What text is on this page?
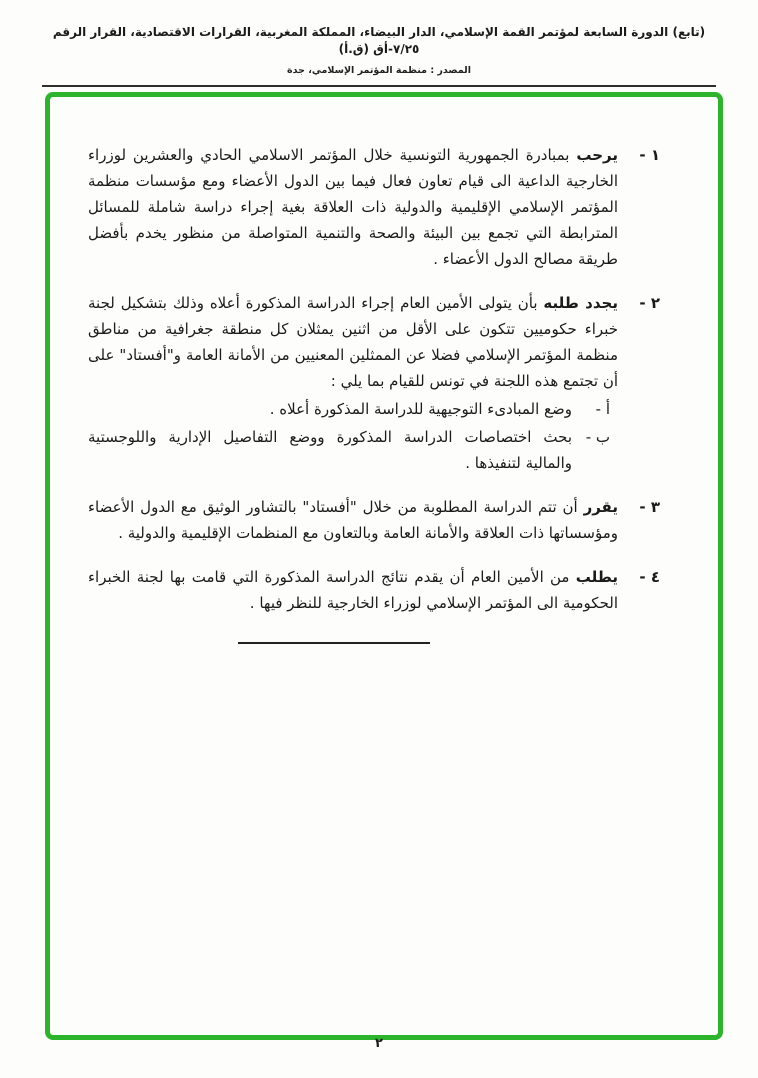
(تابع) الدورة السابعة لمؤتمر القمة الإسلامي، الدار البيضاء، المملكة المغربية، القرارات الاقتصادية، القرار الرقم ٧/٢٥-أق (ق.أ)
المصدر : منظمة المؤتمر الإسلامي، جدة
١ -

يرحب بمبادرة الجمهورية التونسية خلال المؤتمر الاسلامي الحادي والعشرين لوزراء الخارجية الداعية الى قيام تعاون فعال فيما بين الدول الأعضاء ومع مؤسسات منظمة المؤتمر الإسلامي الإقليمية والدولية ذات العلاقة بغية إجراء دراسة شاملة للمسائل المترابطة التي تجمع بين البيئة والصحة والتنمية المتواصلة من منظور يخدم بأفضل طريقة مصالح الدول الأعضاء .

٢ -

يجدد طلبه بأن يتولى الأمين العام إجراء الدراسة المذكورة أعلاه وذلك بتشكيل لجنة خبراء حكوميين تتكون على الأقل من اثنين يمثلان كل منطقة جغرافية من مناطق منظمة المؤتمر الإسلامي فضلا عن الممثلين المعنيين من الأمانة العامة و"أفستاد" على أن تجتمع هذه اللجنة في تونس للقيام بما يلي :

أ -

وضع المبادىء التوجيهية للدراسة المذكورة أعلاه .

ب -

بحث اختصاصات الدراسة المذكورة ووضع التفاصيل الإدارية واللوجستية والمالية لتنفيذها .

٣ -

يقرر أن تتم الدراسة المطلوبة من خلال "أفستاد" بالتشاور الوثيق مع الدول الأعضاء ومؤسساتها ذات العلاقة والأمانة العامة وبالتعاون مع المنظمات الإقليمية والدولية .

٤ -

يطلب من الأمين العام أن يقدم نتائج الدراسة المذكورة التي قامت بها لجنة الخبراء الحكومية الى المؤتمر الإسلامي لوزراء الخارجية للنظر فيها .

٢
